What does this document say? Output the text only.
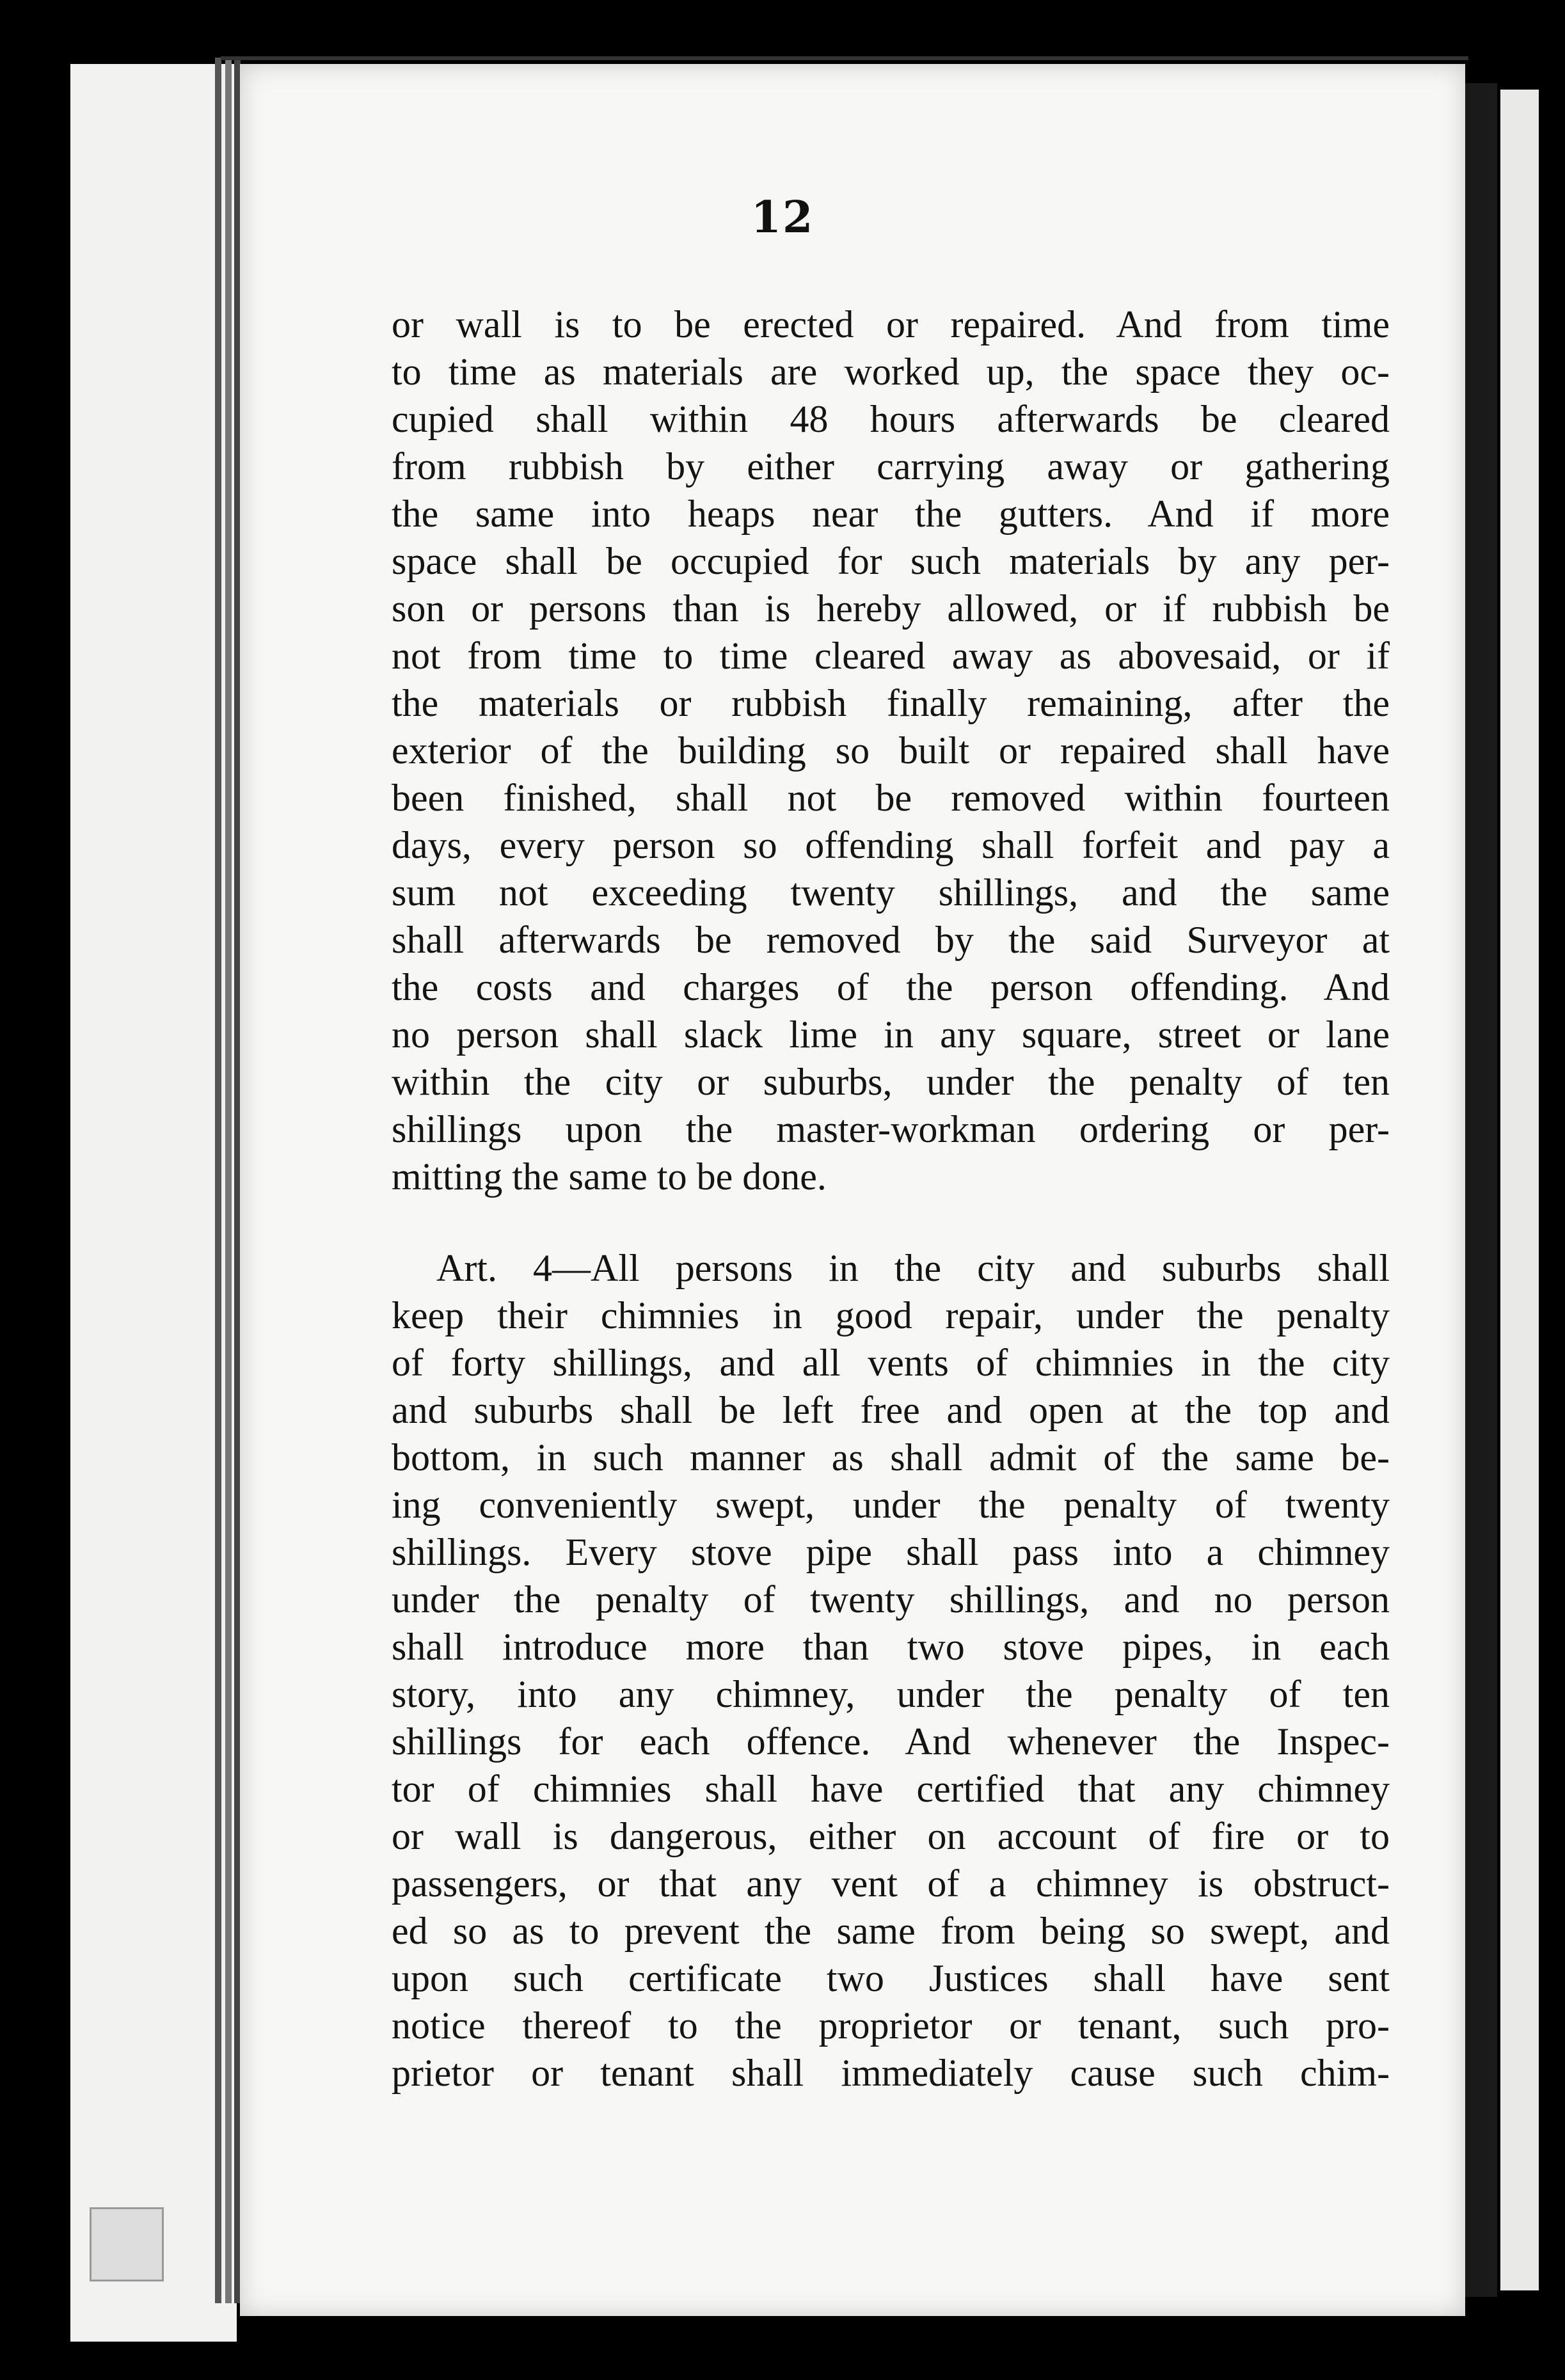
12
or wall is to be erected or repaired. And from time
to time as materials are worked up, the space they oc-
cupied shall within 48 hours afterwards be cleared
from rubbish by either carrying away or gathering
the same into heaps near the gutters. And if more
space shall be occupied for such materials by any per-
son or persons than is hereby allowed, or if rubbish be
not from time to time cleared away as abovesaid, or if
the materials or rubbish finally remaining, after the
exterior of the building so built or repaired shall have
been finished, shall not be removed within fourteen
days, every person so offending shall forfeit and pay a
sum not exceeding twenty shillings, and the same
shall afterwards be removed by the said Surveyor at
the costs and charges of the person offending. And
no person shall slack lime in any square, street or lane
within the city or suburbs, under the penalty of ten
shillings upon the master-workman ordering or per-
mitting the same to be done.
Art. 4—All persons in the city and suburbs shall
keep their chimnies in good repair, under the penalty
of forty shillings, and all vents of chimnies in the city
and suburbs shall be left free and open at the top and
bottom, in such manner as shall admit of the same be-
ing conveniently swept, under the penalty of twenty
shillings. Every stove pipe shall pass into a chimney
under the penalty of twenty shillings, and no person
shall introduce more than two stove pipes, in each
story, into any chimney, under the penalty of ten
shillings for each offence. And whenever the Inspec-
tor of chimnies shall have certified that any chimney
or wall is dangerous, either on account of fire or to
passengers, or that any vent of a chimney is obstruct-
ed so as to prevent the same from being so swept, and
upon such certificate two Justices shall have sent
notice thereof to the proprietor or tenant, such pro-
prietor or tenant shall immediately cause such chim-
